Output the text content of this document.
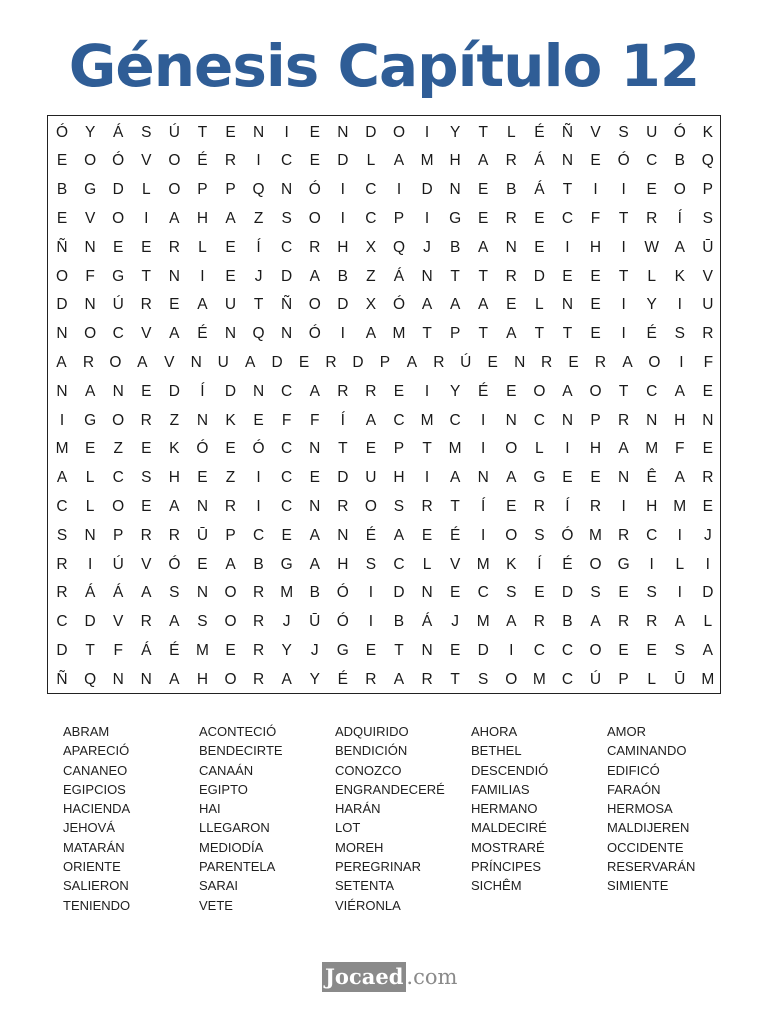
Génesis Capítulo 12
Ó	Y	Á	S	Ú	T	E	N	I	E	N	D	O	I	Y	T	L	É	Ñ	V	S	U	Ó	K
E	O	Ó	V	O	É	R	I	C	E	D	L	A	M	H	A	R	Á	N	E	Ó	C	B	Q
B	G	D	L	O	P	P	Q	N	Ó	I	C	I	D	N	E	B	Á	T	I	I	E	O	P
E	V	O	I	A	H	A	Z	S	O	I	C	P	I	G	E	R	E	C	F	T	R	Í	S
Ñ	N	E	E	R	L	E	Í	C	R	H	X	Q	J	B	A	N	E	I	H	I	W	A	Ū
O	F	G	T	N	I	E	J	D	A	B	Z	Á	N	T	T	R	D	E	E	T	L	K	V
D	N	Ú	R	E	A	U	T	Ñ	O	D	X	Ó	A	A	A	E	L	N	E	I	Y	I	U
N	O	C	V	A	É	N	Q	N	Ó	I	A	M	T	P	T	A	T	T	E	I	É	S	R
A	R O	A	V	N	U	A	D	E	R	D	P	A	R	Ú	E	N	R	E	R	A	O	I	F
N	A	N	E	D	Í	D	N	C	A	R	R	E	I	Y	É	E	O	A	O	T	C	A	E
I	G	O	R	Z	N	K	E	F	F	Í	A	C	M	C	I	N	C	N	P	R	N	H	N
M	E	Z	E	K	Ó	E	Ó	C	N	T	E	P	T	M	I	O	L	I	H	A	M	F	E
A	L	C	S	H	E	Z	I	C	E	D	U	H	I	A	N	A	G	E	E	N	Ê	A	R
C	L	O	E	A	N	R	I	C	N	R	O	S	R	T	Í	E	R	Í	R	I	H	M	E
S	N	P	R	R	Ū	P	C	E	A	N	É	A	E	É	I	O	S	Ó	M	R	C	I	J
R	I	Ú	V	Ó	E	A	B	G	A	H	S	C	L	V	M	K	Í	É	O	G	I	L	I
R	Á	Á	A	S	N	O	R	M	B	Ó	I	D	N	E	C	S	E	D	S	E	S	I	D
C	D	V	R	A	S	O	R	J	Ū	Ó	I	B	Á	J	M	A	R	B	A	R	R	A	L
D	T	F	Á	É	M	E	R	Y	J	G	E	T	N	E	D	I	C	C	O	E	E	S	A
Ñ	Q	N	N	A	H	O	R	A	Y	É	R	A	R	T	S	O	M	C	Ú	P	L	Ū	M
ABRAM
APARECIÓ
CANANEO
EGIPCIOS
HACIENDA
JEHOVÁ
MATARÁN
ORIENTE
SALIERON
TENIENDO
ACONTECIÓ
BENDECIRTE
CANAÁN
EGIPTO
HAI
LLEGARON
MEDIODÍA
PARENTELA
SARAI
VETE
ADQUIRIDO
BENDICIÓN
CONOZCO
ENGRANDECERÉ
HARÁN
LOT
MOREH
PEREGRINAR
SETENTA
VIÉRONLA
AHORA
BETHEL
DESCENDIÓ
FAMILIAS
HERMANO
MALDECIRÉ
MOSTRARÉ
PRÍNCIPES
SICHÊM
AMOR
CAMINANDO
EDIFICÓ
FARAÓN
HERMOSA
MALDIJEREN
OCCIDENTE
RESERVARÁN
SIMIENTE
Jocaed .com
